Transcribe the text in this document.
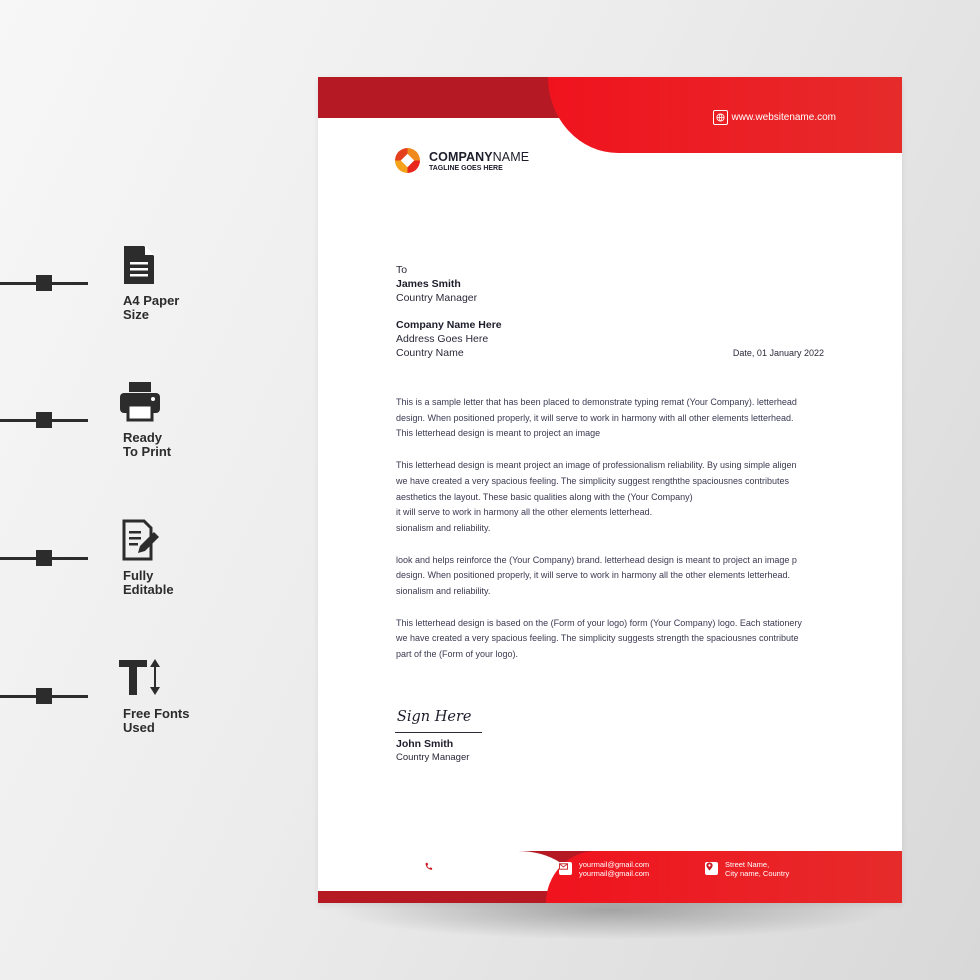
A4 Paper
Size
Ready
To Print
Fully
Editable
Free Fonts
Used
www.websitename.com
COMPANYNAME
TAGLINE GOES HERE
To
James Smith
Country Manager
Company Name Here
Address Goes Here
Country Name	Date, 01 January 2022

This is a sample letter that has been placed to demonstrate typing remat (Your Company). letterhead
design. When positioned properly, it will serve to work in harmony with all other elements letterhead.
This letterhead design is meant to project an image

This letterhead design is meant project an image of professionalism reliability. By using simple aligen
we have created a very spacious feeling. The simplicity suggest rengththe spaciousnes contributes
aesthetics the layout. These basic qualities along with the (Your Company)
it will serve to work in harmony all the other elements letterhead.
sionalism and reliability.

look and helps reinforce the (Your Company) brand. letterhead design is meant to project an image p
design. When positioned properly, it will serve to work in harmony all the other elements letterhead.
sionalism and reliability.

This letterhead design is based on the (Form of your logo) form (Your Company) logo. Each stationery
we have created a very spacious feeling. The simplicity suggests strength the spaciousnes contribute
part of the (Form of your logo).

Sign Here
John Smith
Country Manager
+0123 456 7890
+0123 456 7890
yourmail@gmail.com
yourmail@gmail.com
Street Name,
City name, Country
